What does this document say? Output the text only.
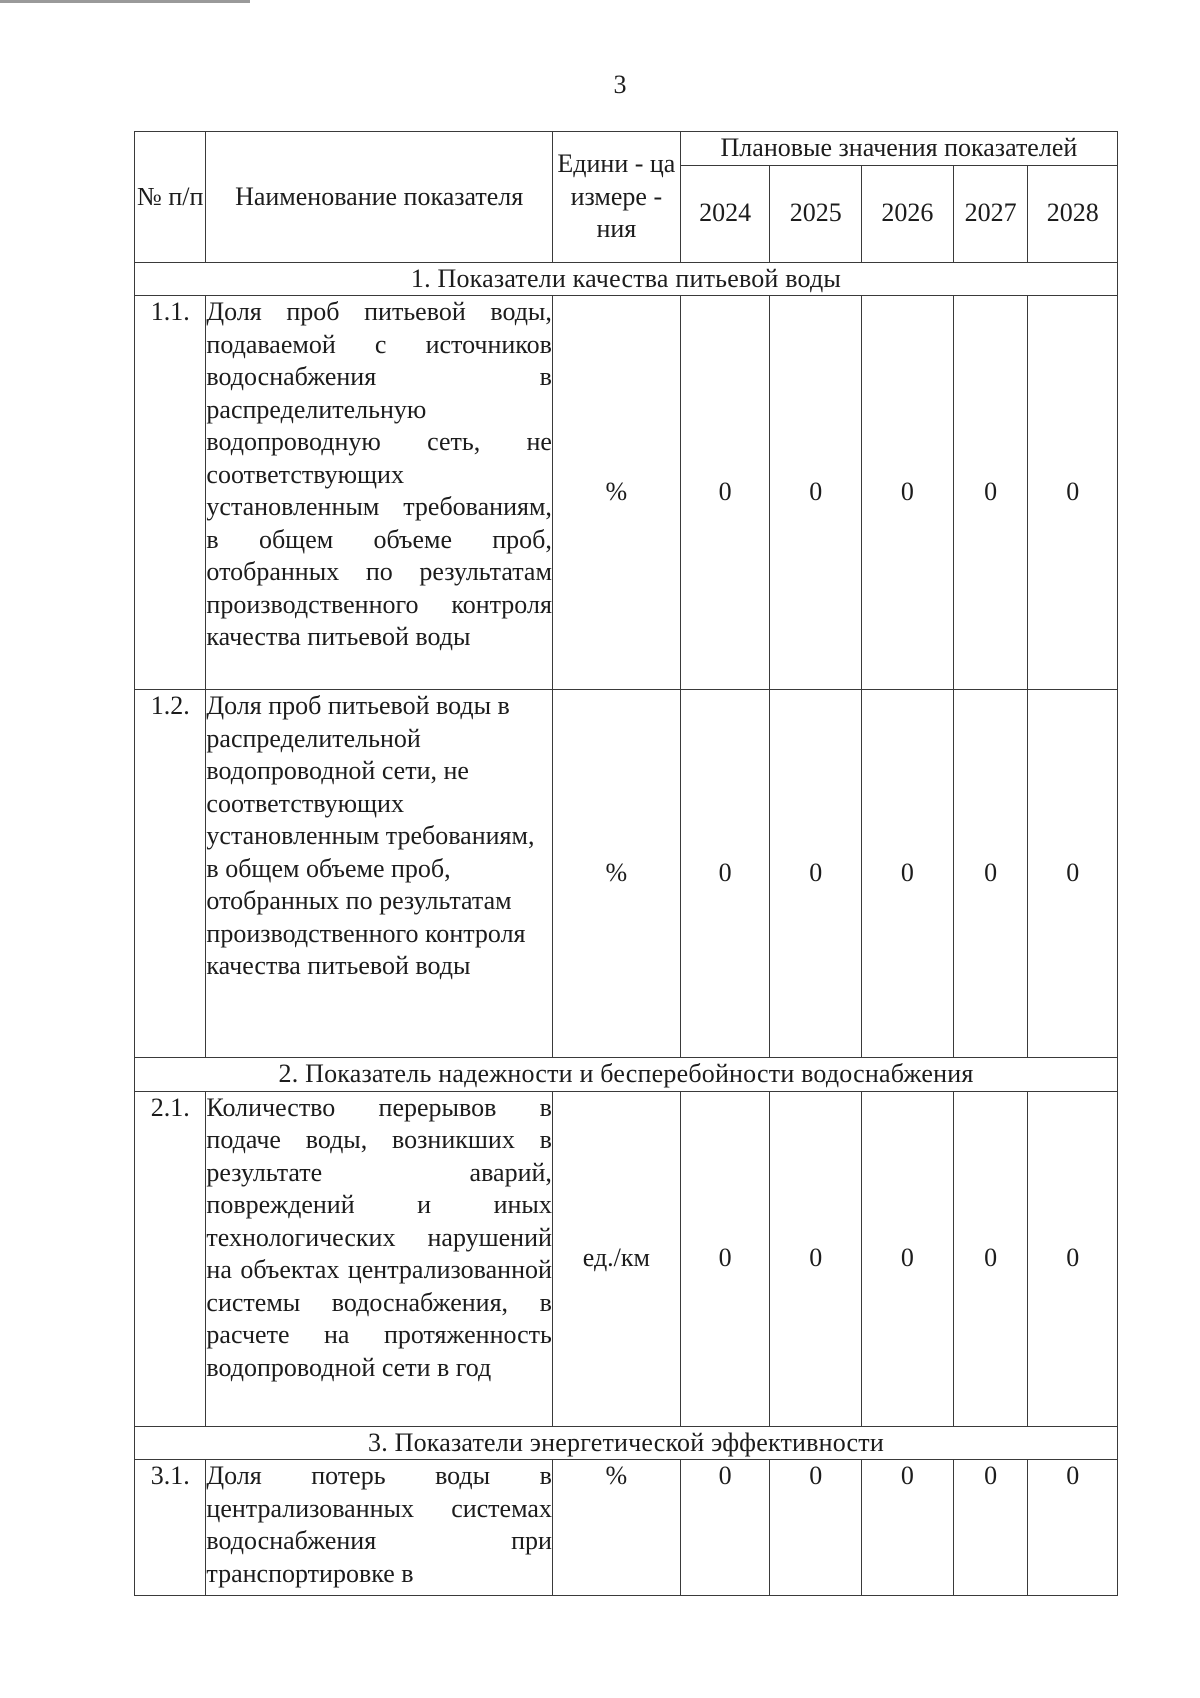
3
№ п/п	Наименование показателя	Едини - ца измере - ния	Плановые значения показателей				
			2024	2025	2026	2027	2028
1. Показатели качества питьевой воды							
1.1.	Доля проб питьевой воды, подаваемой с источников водоснабжения в распределительную водопроводную сеть, не соответствующих установленным требованиям, в общем объеме проб, отобранных по результатам производственного контроля качества питьевой воды	%	0	0	0	0	0
1.2.	Доля проб питьевой воды в распределительной водопроводной сети, не соответствующих установленным требованиям, в общем объеме проб, отобранных по результатам производственного контроля качества питьевой воды	%	0	0	0	0	0
2. Показатель надежности и бесперебойности водоснабжения							
2.1.	Количество перерывов в подаче воды, возникших в результате аварий, повреждений и иных технологических нарушений на объектах централизованной системы водоснабжения, в расчете на протяженность водопроводной сети в год	ед./км	0	0	0	0	0
3. Показатели энергетической эффективности							
3.1.	Доля потерь воды в централизованных системах водоснабжения при транспортировке в	%	0	0	0	0	0
